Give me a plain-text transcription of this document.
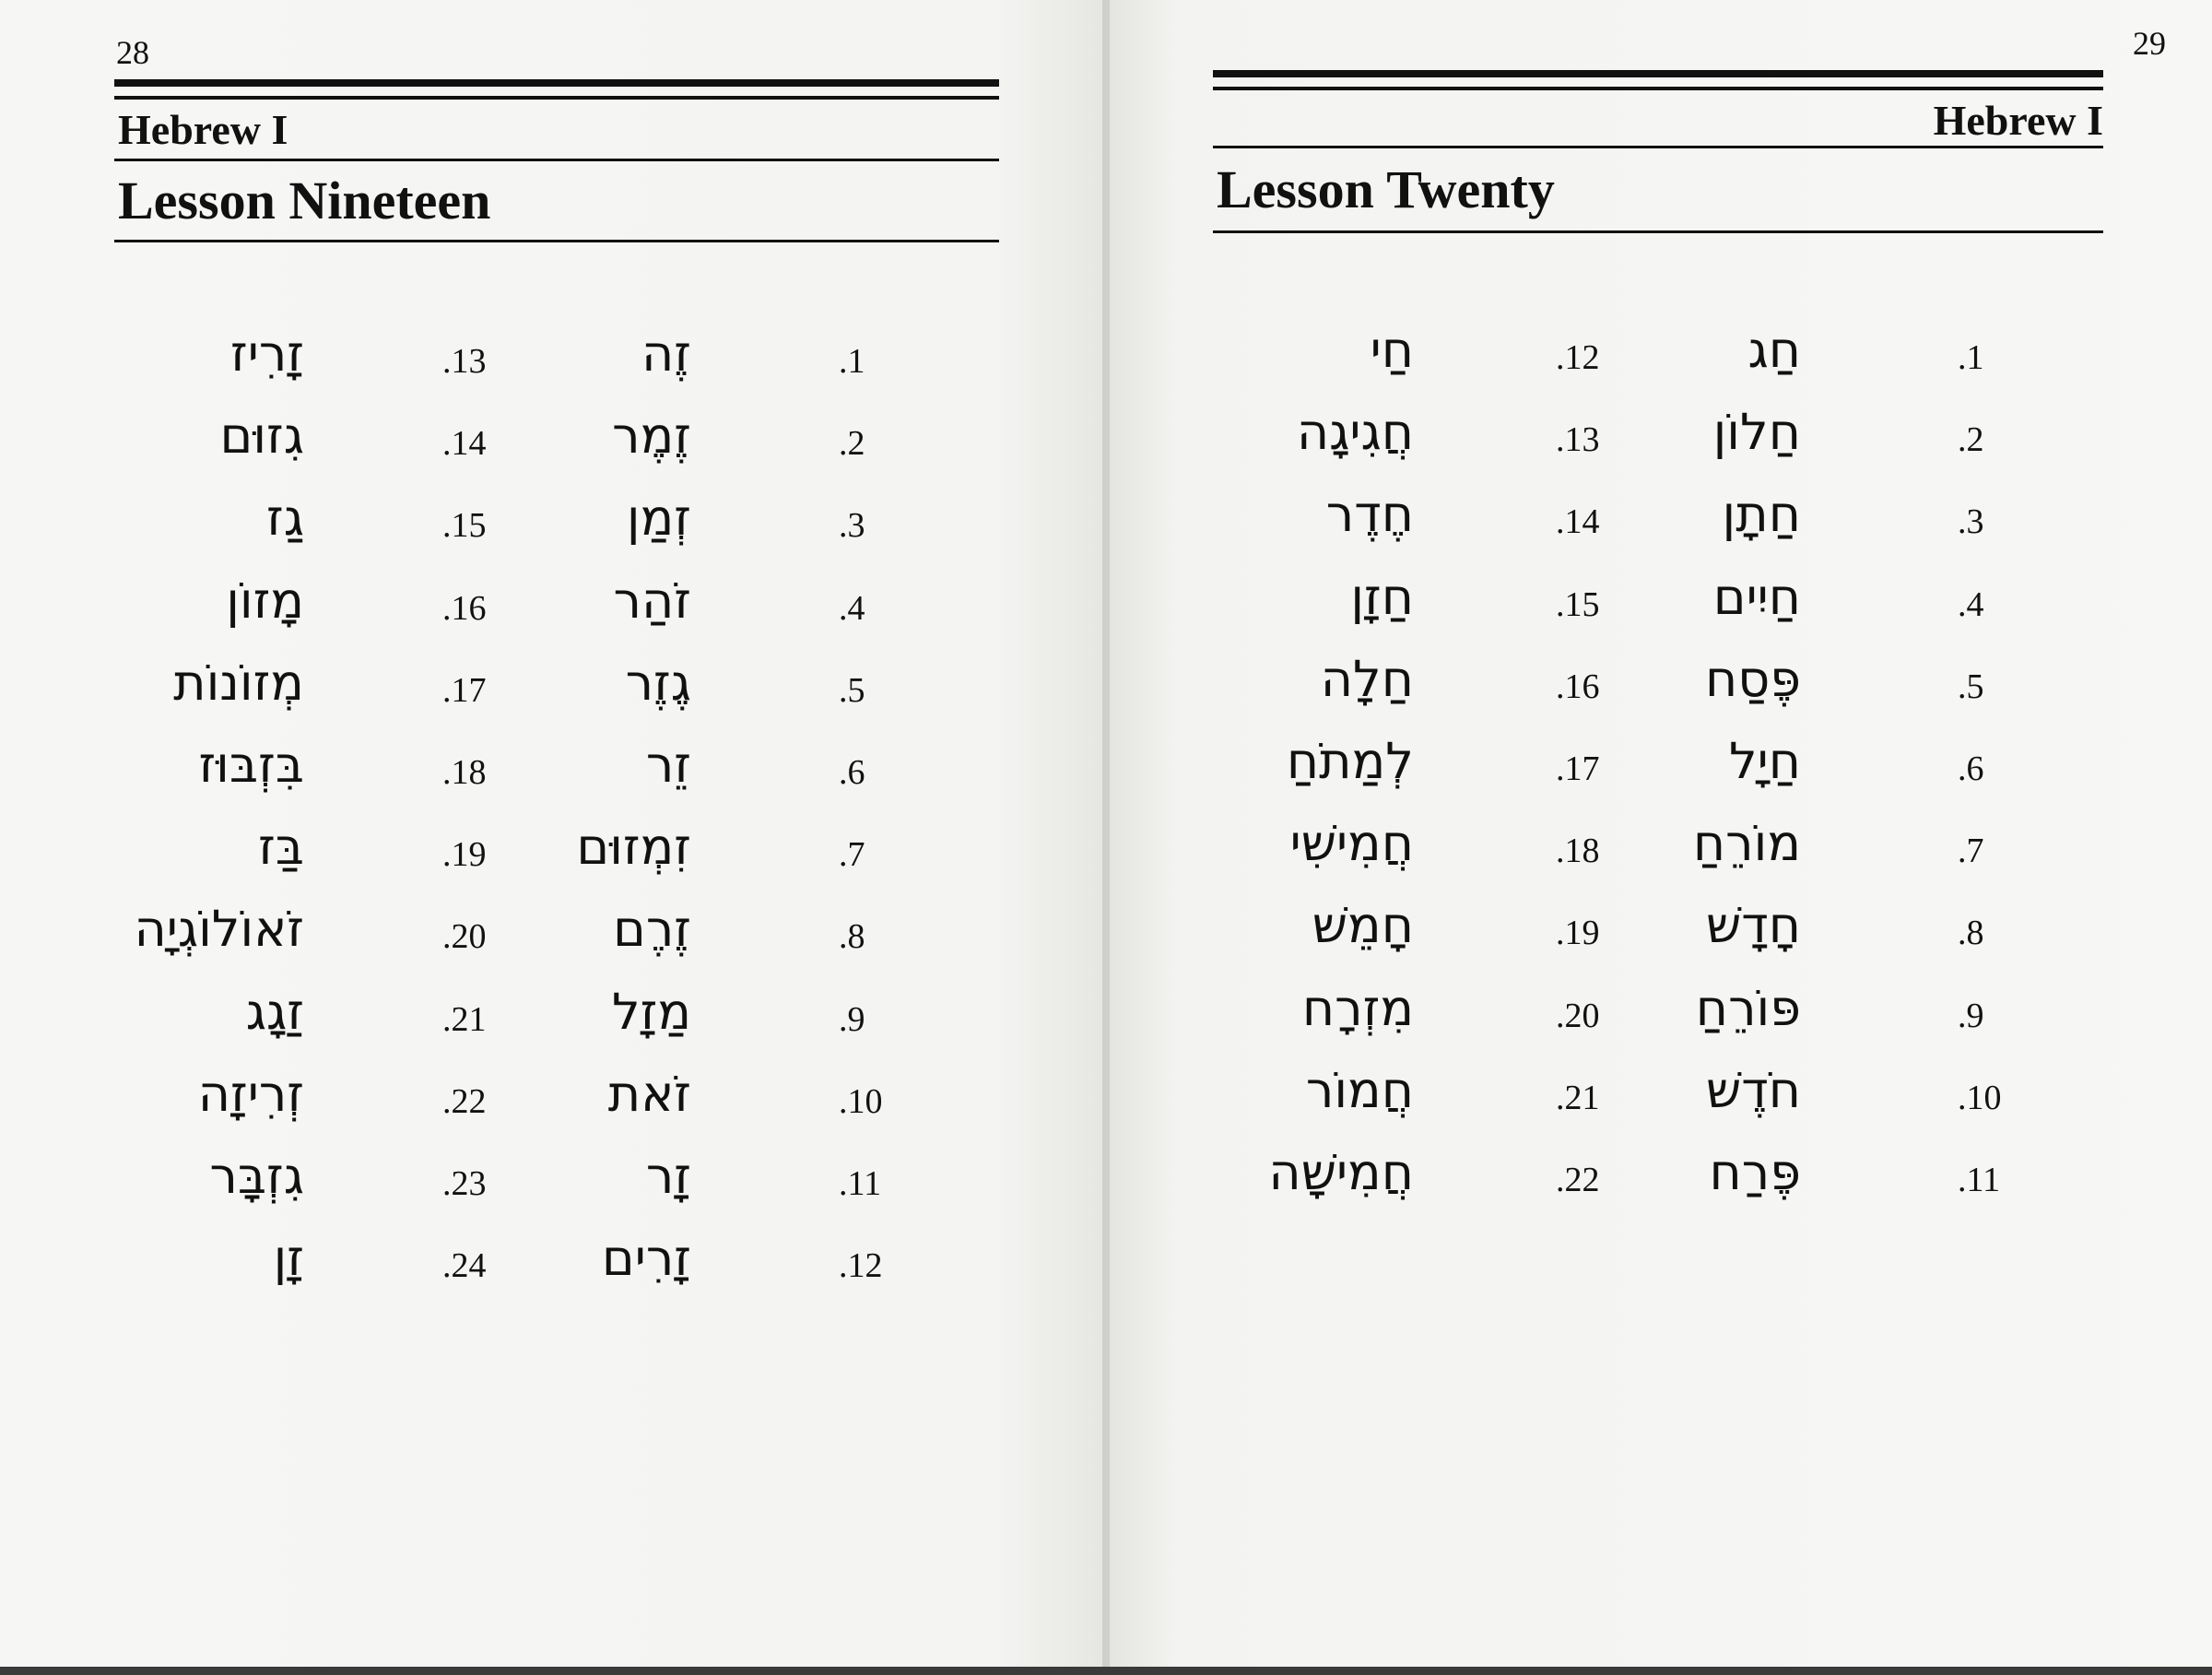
28
Hebrew I
Lesson Nineteen
.1
זֶה
.2
זֶמֶר
.3
זְמַן
.4
זֹהַר
.5
גֶזֶר
.6
זֵר
.7
זִמְזוּם
.8
זֶרֶם
.9
מַזָל
.10
זֹאת
.11
זָר
.12
זָרִים
.13
זָרִיז
.14
גִזוּם
.15
גַז
.16
מָזוֹן
.17
מְזוֹנוֹת
.18
בִּזְבּוּז
.19
בַּז
.20
זֹאוֹלוֹגְיָה
.21
זַגָג
.22
זְרִיזָה
.23
גִזְבָּר
.24
זָן
29
Hebrew I
Lesson Twenty
.1
חַג
.2
חַלוֹן
.3
חַתָן
.4
חַיִים
.5
פֶּסַח
.6
חַיָל
.7
מוֹרֵחַ
.8
חָדָשׁ
.9
פּוֹרֵחַ
.10
חֹדֶשׁ
.11
פֶּרַח
.12
חַי
.13
חֲגִיגָה
.14
חֶדֶר
.15
חַזָן
.16
חַלָה
.17
לְמַתֹחַ
.18
חֲמִישִׁי
.19
חָמֵשׁ
.20
מִזְרָח
.21
חֲמוֹר
.22
חֲמִישָׁה
